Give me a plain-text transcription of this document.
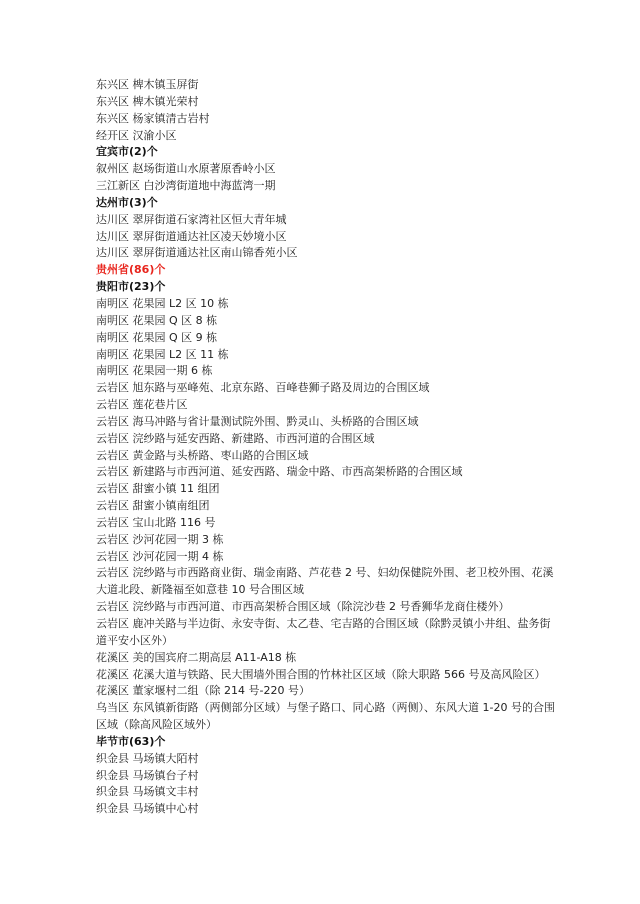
东兴区 椑木镇玉屏街
东兴区 椑木镇光荣村
东兴区 杨家镇清古岩村
经开区 汉渝小区
宜宾市(2)个
叙州区 赵场街道山水原著原香岭小区
三江新区 白沙湾街道地中海蓝湾一期
达州市(3)个
达川区 翠屏街道石家湾社区恒大青年城
达川区 翠屏街道通达社区凌天妙境小区
达川区 翠屏街道通达社区南山锦香苑小区
贵州省(86)个
贵阳市(23)个
南明区 花果园 L2 区 10 栋
南明区 花果园 Q 区 8 栋
南明区 花果园 Q 区 9 栋
南明区 花果园 L2 区 11 栋
南明区 花果园一期 6 栋
云岩区 旭东路与巫峰苑、北京东路、百峰巷狮子路及周边的合围区域
云岩区 莲花巷片区
云岩区 海马冲路与省计量测试院外围、黔灵山、头桥路的合围区域
云岩区 浣纱路与延安西路、新建路、市西河道的合围区域
云岩区 黄金路与头桥路、枣山路的合围区域
云岩区 新建路与市西河道、延安西路、瑞金中路、市西高架桥路的合围区域
云岩区 甜蜜小镇 11 组团
云岩区 甜蜜小镇南组团
云岩区 宝山北路 116 号
云岩区 沙河花园一期 3 栋
云岩区 沙河花园一期 4 栋
云岩区 浣纱路与市西路商业街、瑞金南路、芦花巷 2 号、妇幼保健院外围、老卫校外围、花溪大道北段、新隆福至如意巷 10 号合围区域
云岩区 浣纱路与市西河道、市西高架桥合围区域（除浣沙巷 2 号香狮华龙商住楼外）
云岩区 鹿冲关路与半边街、永安寺街、太乙巷、宅吉路的合围区域（除黔灵镇小井组、盐务街道平安小区外）
花溪区 美的国宾府二期高层 A11-A18 栋
花溪区 花溪大道与铁路、民大围墙外围合围的竹林社区区域（除大职路 566 号及高风险区）
花溪区 董家堰村二组（除 214 号-220 号）
乌当区 东风镇新街路（两侧部分区域）与堡子路口、同心路（两侧）、东风大道 1-20 号的合围区域（除高风险区域外）
毕节市(63)个
织金县 马场镇大陌村
织金县 马场镇台子村
织金县 马场镇文丰村
织金县 马场镇中心村
